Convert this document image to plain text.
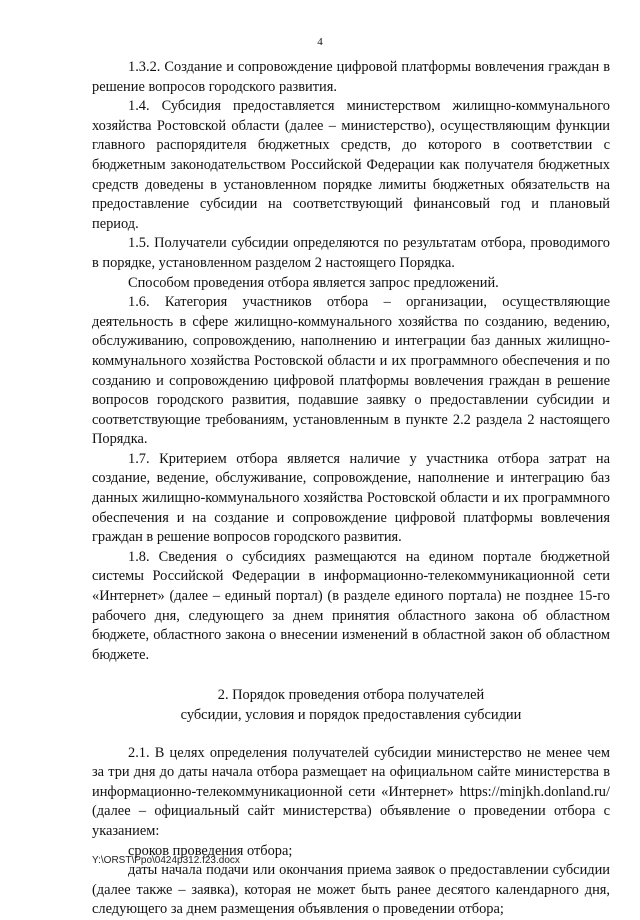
4

1.3.2. Создание и сопровождение цифровой платформы вовлечения граждан в решение вопросов городского развития.

1.4. Субсидия предоставляется министерством жилищно-коммунального хозяйства Ростовской области (далее – министерство), осуществляющим функции главного распорядителя бюджетных средств, до которого в соответствии с бюджетным законодательством Российской Федерации как получателя бюджетных средств доведены в установленном порядке лимиты бюджетных обязательств на предоставление субсидии на соответствующий финансовый год и плановый период.

1.5. Получатели субсидии определяются по результатам отбора, проводимого в порядке, установленном разделом 2 настоящего Порядка.

Способом проведения отбора является запрос предложений.

1.6. Категория участников отбора – организации, осуществляющие деятельность в сфере жилищно-коммунального хозяйства по созданию, ведению, обслуживанию, сопровождению, наполнению и интеграции баз данных жилищно-коммунального хозяйства Ростовской области и их программного обеспечения и по созданию и сопровождению цифровой платформы вовлечения граждан в решение вопросов городского развития, подавшие заявку о предоставлении субсидии и соответствующие требованиям, установленным в пункте 2.2 раздела 2 настоящего Порядка.

1.7. Критерием отбора является наличие у участника отбора затрат на создание, ведение, обслуживание, сопровождение, наполнение и интеграцию баз данных жилищно-коммунального хозяйства Ростовской области и их программного обеспечения и на создание и сопровождение цифровой платформы вовлечения граждан в решение вопросов городского развития.

1.8. Сведения о субсидиях размещаются на едином портале бюджетной системы Российской Федерации в информационно-телекоммуникационной сети «Интернет» (далее – единый портал) (в разделе единого портала) не позднее 15-го рабочего дня, следующего за днем принятия областного закона об областном бюджете, областного закона о внесении изменений в областной закон об областном бюджете.

2. Порядок проведения отбора получателей
субсидии, условия и порядок предоставления субсидии

2.1. В целях определения получателей субсидии министерство не менее чем за три дня до даты начала отбора размещает на официальном сайте министерства в информационно-телекоммуникационной сети «Интернет» https://minjkh.donland.ru/ (далее – официальный сайт министерства) объявление о проведении отбора с указанием:

сроков проведения отбора;

даты начала подачи или окончания приема заявок о предоставлении субсидии (далее также – заявка), которая не может быть ранее десятого календарного дня, следующего за днем размещения объявления о проведении отбора;

Y:\ORST\Ppo\0424p312.f23.docx
